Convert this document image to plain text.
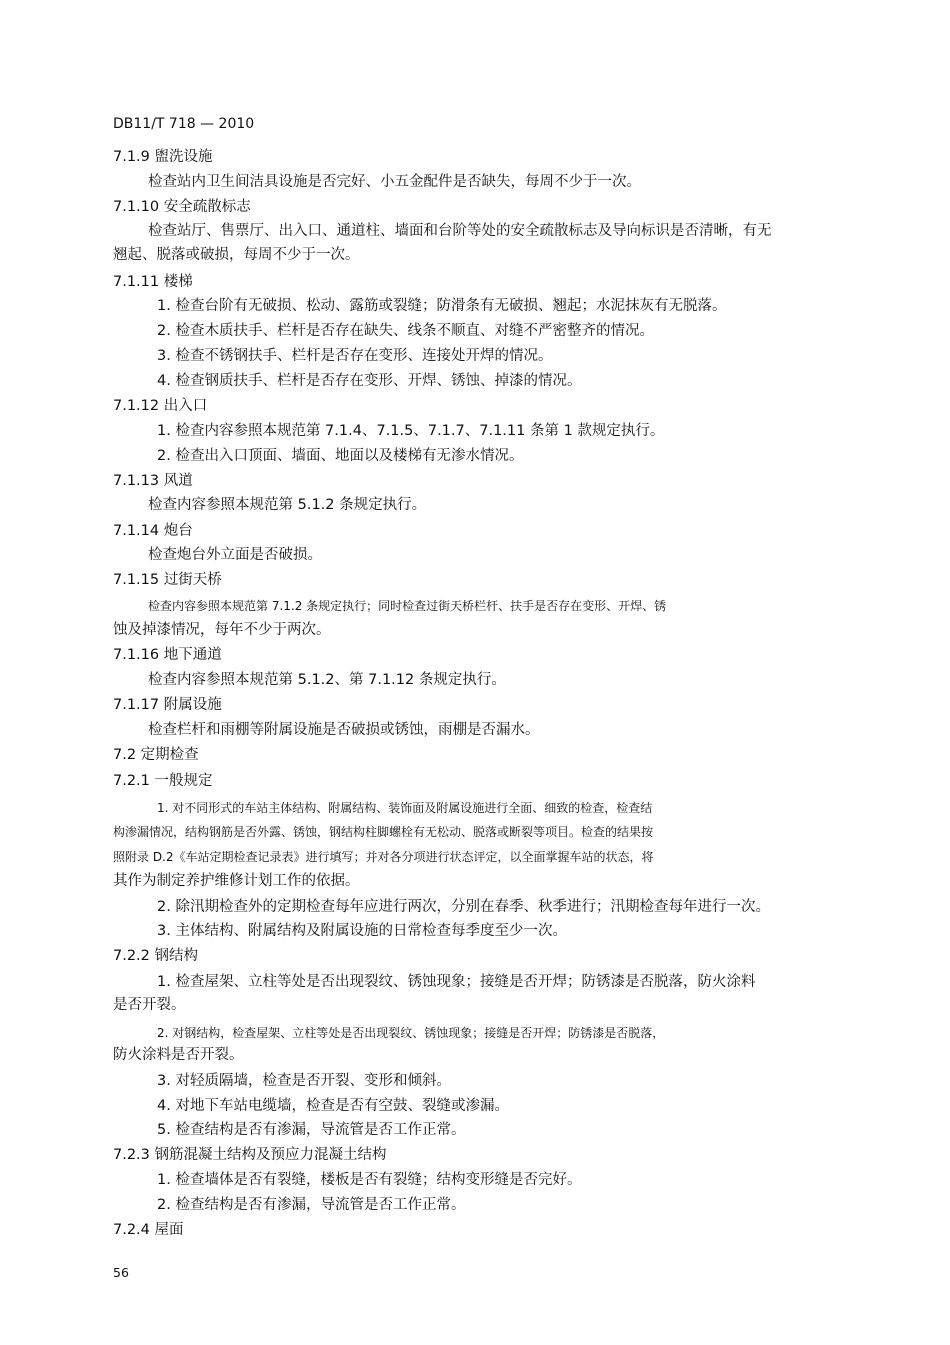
DB11/T 718 — 2010
7.1.9 盥洗设施
检查站内卫生间洁具设施是否完好、小五金配件是否缺失，每周不少于一次。
7.1.10 安全疏散标志
检查站厅、售票厅、出入口、通道柱、墙面和台阶等处的安全疏散标志及导向标识是否清晰，有无
翘起、脱落或破损，每周不少于一次。
7.1.11 楼梯
1. 检查台阶有无破损、松动、露筋或裂缝；防滑条有无破损、翘起；水泥抹灰有无脱落。
2. 检查木质扶手、栏杆是否存在缺失、线条不顺直、对缝不严密整齐的情况。
3. 检查不锈钢扶手、栏杆是否存在变形、连接处开焊的情况。
4. 检查钢质扶手、栏杆是否存在变形、开焊、锈蚀、掉漆的情况。
7.1.12 出入口
1. 检查内容参照本规范第 7.1.4、7.1.5、7.1.7、7.1.11 条第 1 款规定执行。
2. 检查出入口顶面、墙面、地面以及楼梯有无渗水情况。
7.1.13 风道
检查内容参照本规范第 5.1.2 条规定执行。
7.1.14 炮台
检查炮台外立面是否破损。
7.1.15 过街天桥
检查内容参照本规范第 7.1.2 条规定执行；同时检查过街天桥栏杆、扶手是否存在变形、开焊、锈
蚀及掉漆情况，每年不少于两次。
7.1.16 地下通道
检查内容参照本规范第 5.1.2、第 7.1.12 条规定执行。
7.1.17 附属设施
检查栏杆和雨棚等附属设施是否破损或锈蚀，雨棚是否漏水。
7.2 定期检查
7.2.1 一般规定
1. 对不同形式的车站主体结构、附属结构、装饰面及附属设施进行全面、细致的检查，检查结
构渗漏情况，结构钢筋是否外露、锈蚀，钢结构柱脚螺栓有无松动、脱落或断裂等项目。检查的结果按
照附录 D.2《车站定期检查记录表》进行填写；并对各分项进行状态评定，以全面掌握车站的状态，将
其作为制定养护维修计划工作的依据。
2. 除汛期检查外的定期检查每年应进行两次，分别在春季、秋季进行；汛期检查每年进行一次。
3. 主体结构、附属结构及附属设施的日常检查每季度至少一次。
7.2.2 钢结构
1. 检查屋架、立柱等处是否出现裂纹、锈蚀现象；接缝是否开焊；防锈漆是否脱落，防火涂料
是否开裂。
2. 对钢结构，检查屋架、立柱等处是否出现裂纹、锈蚀现象；接缝是否开焊；防锈漆是否脱落，
防火涂料是否开裂。
3. 对轻质隔墙，检查是否开裂、变形和倾斜。
4. 对地下车站电缆墙，检查是否有空鼓、裂缝或渗漏。
5. 检查结构是否有渗漏，导流管是否工作正常。
7.2.3 钢筋混凝土结构及预应力混凝土结构
1. 检查墙体是否有裂缝，楼板是否有裂缝；结构变形缝是否完好。
2. 检查结构是否有渗漏，导流管是否工作正常。
7.2.4 屋面
56
